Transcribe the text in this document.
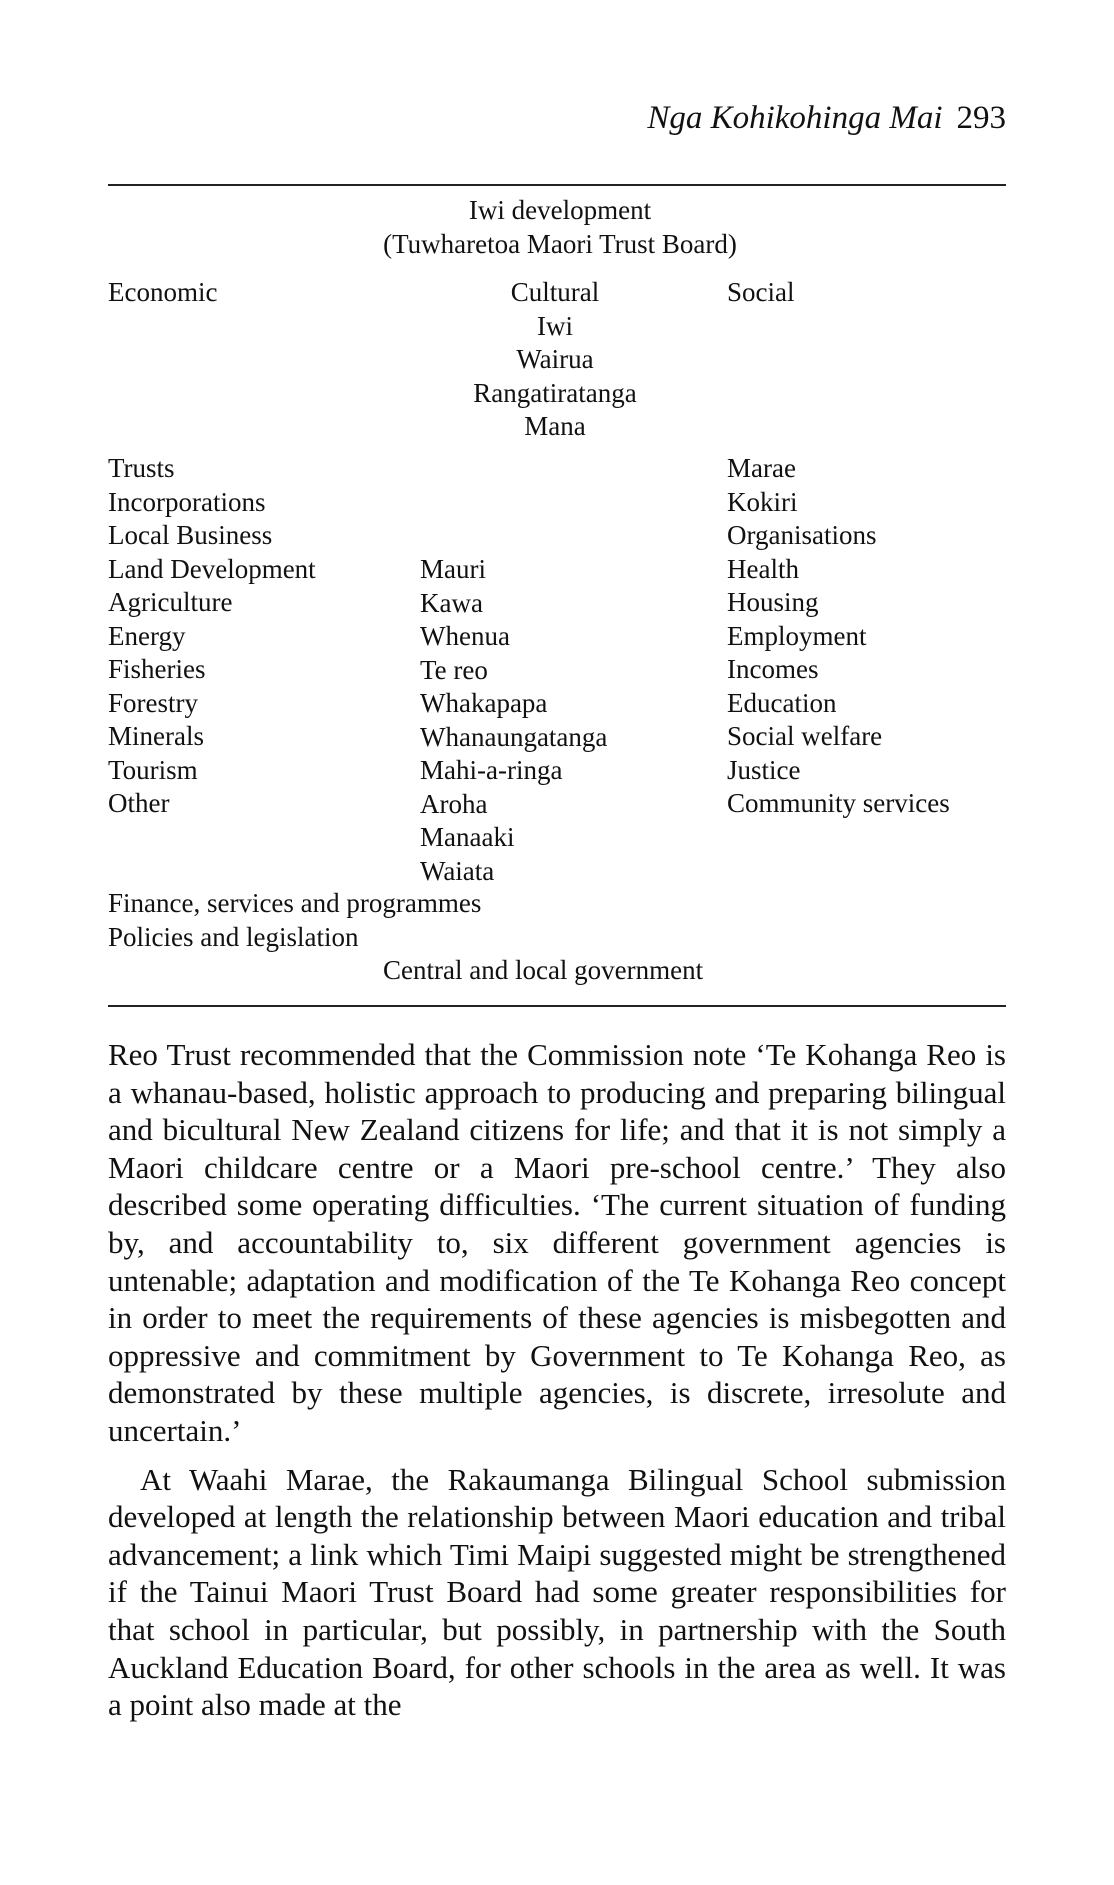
Nga Kohikohinga Mai 293
Iwi development
(Tuwharetoa Maori Trust Board)
Economic	Social
Cultural
Iwi
Wairua
Rangatiratanga
Mana
Trusts
Incorporations
Local Business
Land Development
Agriculture
Energy
Fisheries
Forestry
Minerals
Tourism
Other
Mauri
Kawa
Whenua
Te reo
Whakapapa
Whanaungatanga
Mahi-a-ringa
Aroha
Manaaki
Waiata
Marae
Kokiri
Organisations
Health
Housing
Employment
Incomes
Education
Social welfare
Justice
Community services
Finance, services and programmes
Policies and legislation
Central and local government

Reo Trust recommended that the Commission note ‘Te Kohanga Reo is a whanau-based, holistic approach to producing and preparing bilingual and bicultural New Zealand citizens for life; and that it is not simply a Maori childcare centre or a Maori pre-school centre.’ They also described some operating difficulties. ‘The current situation of funding by, and accountability to, six different government agencies is untenable; adaptation and modification of the Te Kohanga Reo concept in order to meet the requirements of these agencies is misbegotten and oppressive and commitment by Government to Te Kohanga Reo, as demonstrated by these multiple agencies, is discrete, irresolute and uncertain.’

At Waahi Marae, the Rakaumanga Bilingual School submission developed at length the relationship between Maori education and tribal advancement; a link which Timi Maipi suggested might be strengthened if the Tainui Maori Trust Board had some greater responsibilities for that school in particular, but possibly, in partnership with the South Auckland Education Board, for other schools in the area as well. It was a point also made at the
